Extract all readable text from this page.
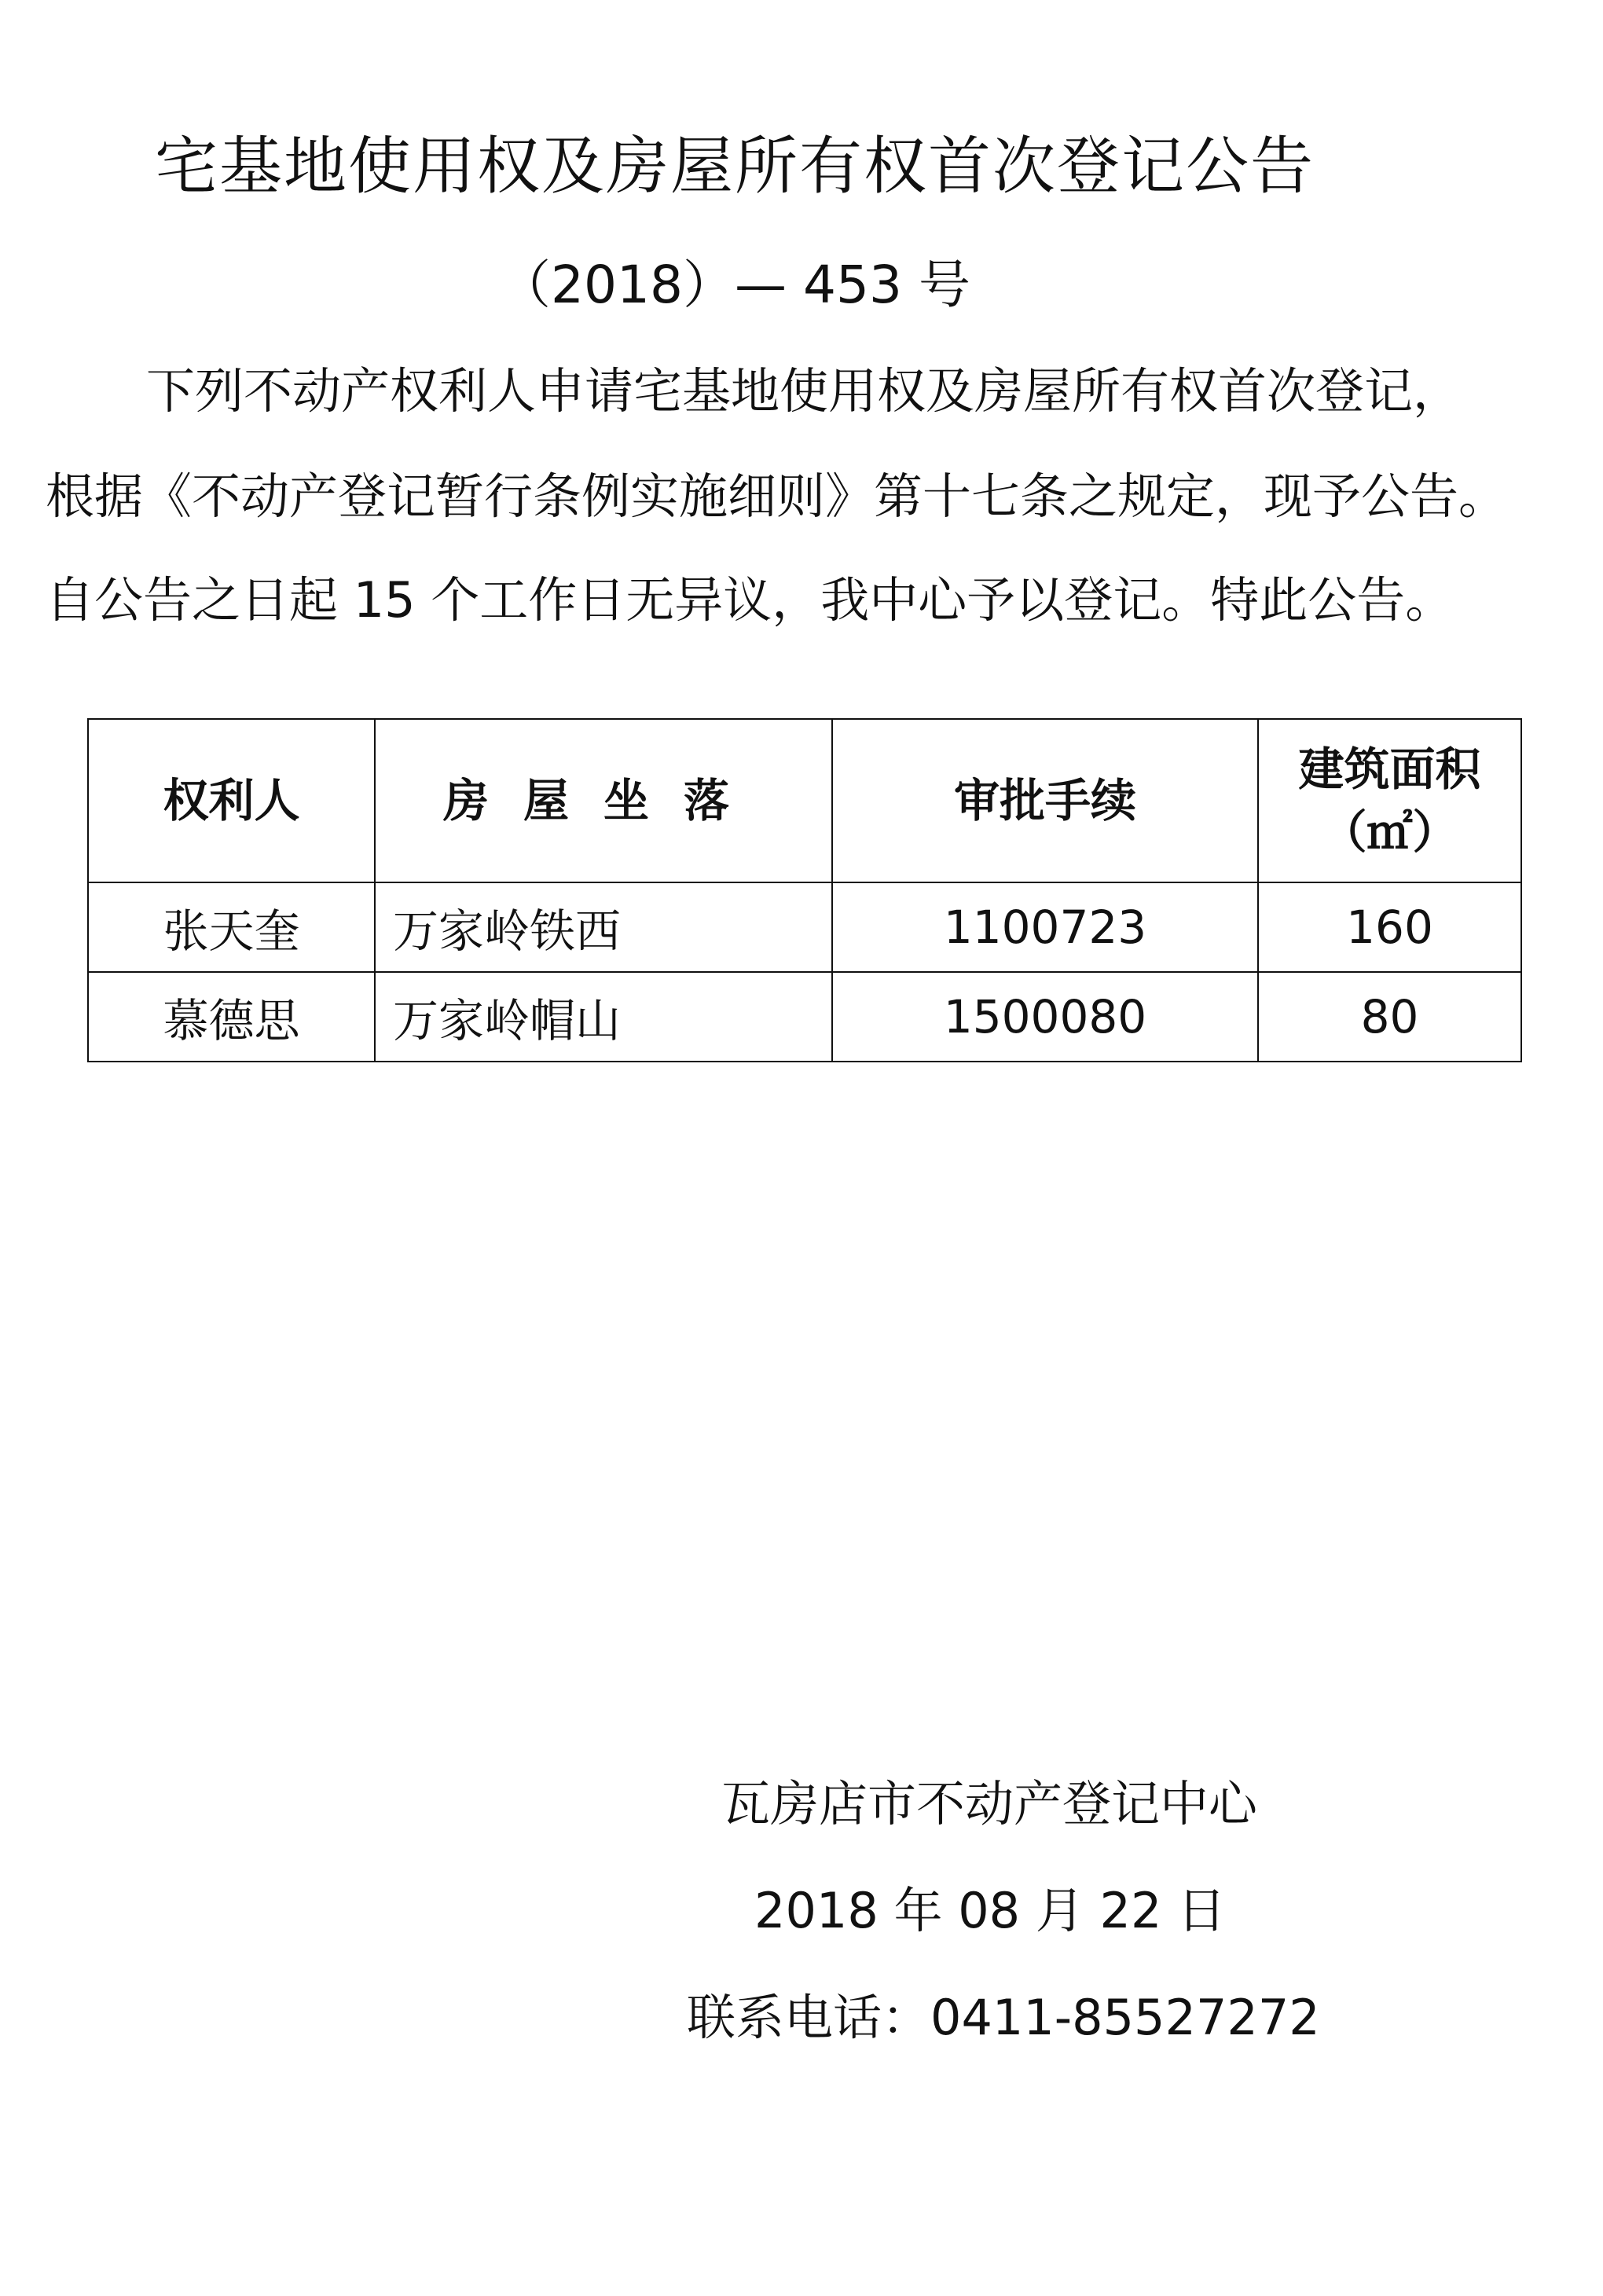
宅基地使用权及房屋所有权首次登记公告
（2018）— 453 号
下列不动产权利人申请宅基地使用权及房屋所有权首次登记，
根据《不动产登记暂行条例实施细则》第十七条之规定，现予公告。
自公告之日起 15 个工作日无异议，我中心予以登记。特此公告。
权利人	房屋坐落	审批手续	建筑面积
（㎡）

张天奎	万家岭铁西	1100723	160
慕德思	万家岭帽山	1500080	80
瓦房店市不动产登记中心
2018 年 08 月 22 日
联系电话：0411-85527272
